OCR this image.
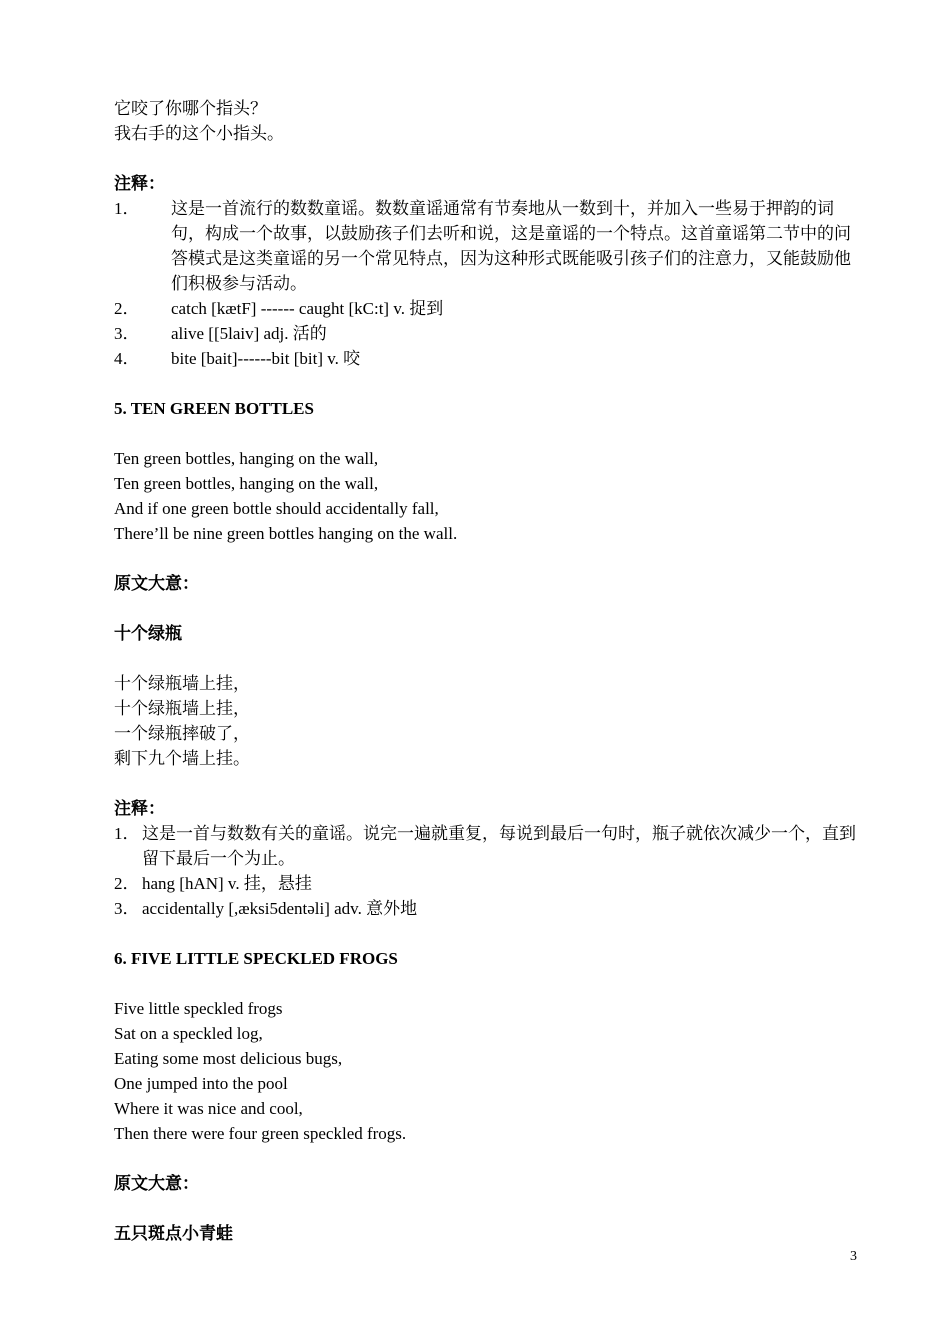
它咬了你哪个指头？
我右手的这个小指头。
注释：
1．	这是一首流行的数数童谣。数数童谣通常有节奏地从一数到十，并加入一些易于押韵的词句，构成一个故事，以鼓励孩子们去听和说，这是童谣的一个特点。这首童谣第二节中的问答模式是这类童谣的另一个常见特点，因为这种形式既能吸引孩子们的注意力，又能鼓励他们积极参与活动。
2．	catch [kætF] ------ caught [kC:t] v. 捉到
3．	alive [[5laiv] adj. 活的
4．	bite [bait]------bit [bit] v. 咬
5. TEN GREEN BOTTLES
Ten green bottles, hanging on the wall,
Ten green bottles, hanging on the wall,
And if one green bottle should accidentally fall,
There’ll be nine green bottles hanging on the wall.
原文大意：
十个绿瓶
十个绿瓶墙上挂，
十个绿瓶墙上挂，
一个绿瓶摔破了，
剩下九个墙上挂。
注释：
1． 这是一首与数数有关的童谣。说完一遍就重复，每说到最后一句时，瓶子就依次减少一个，直到留下最后一个为止。
2． hang [hAN] v. 挂，悬挂
3． accidentally [,æksi5dentəli] adv. 意外地
6. FIVE LITTLE SPECKLED FROGS
Five little speckled frogs
Sat on a speckled log,
Eating some most delicious bugs,
One jumped into the pool
Where it was nice and cool,
Then there were four green speckled frogs.
原文大意：
五只斑点小青蛙
3
